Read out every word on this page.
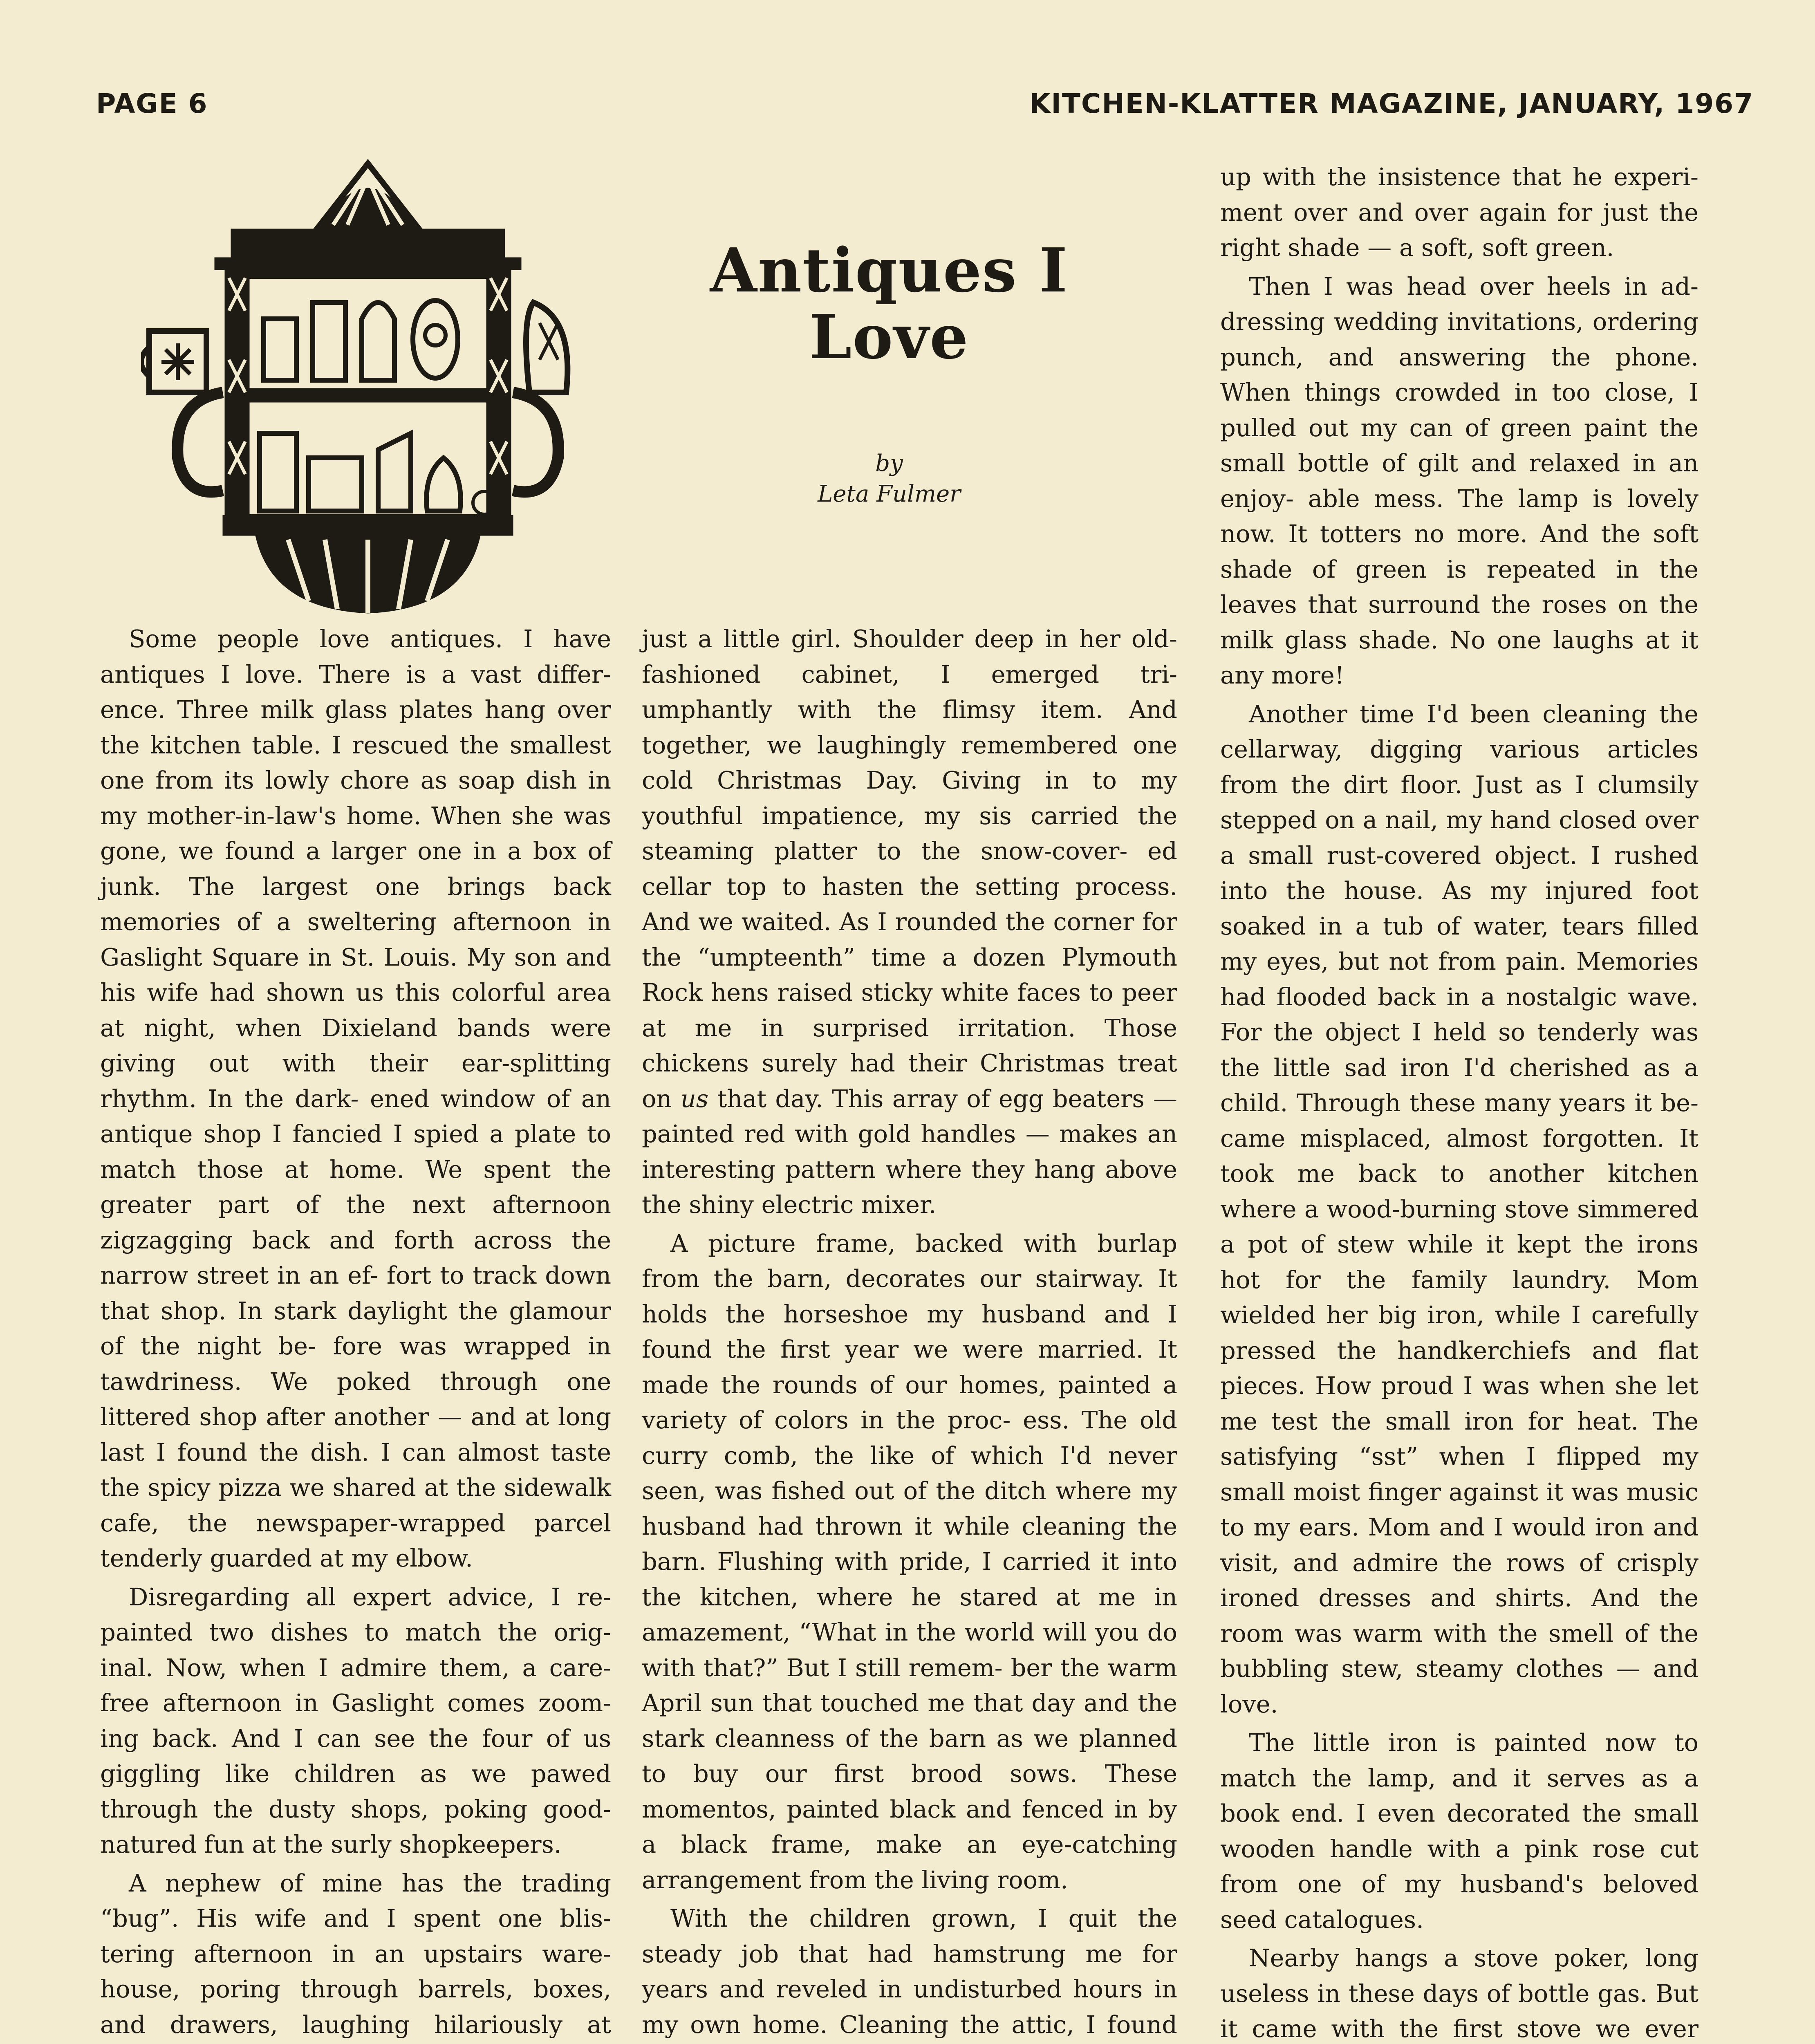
PAGE 6	KITCHEN-KLATTER MAGAZINE, JANUARY, 1967
Antiques I Love
by
Leta Fulmer

Some people love antiques. I have antiques I love. There is a vast differ- ence. Three milk glass plates hang over the kitchen table. I rescued the smallest one from its lowly chore as soap dish in my mother-in-law's home. When she was gone, we found a larger one in a box of junk. The largest one brings back memories of a sweltering afternoon in Gaslight Square in St. Louis. My son and his wife had shown us this colorful area at night, when Dixieland bands were giving out with their ear-splitting rhythm. In the dark- ened window of an antique shop I fancied I spied a plate to match those at home. We spent the greater part of the next afternoon zigzagging back and forth across the narrow street in an ef- fort to track down that shop. In stark daylight the glamour of the night be- fore was wrapped in tawdriness. We poked through one littered shop after another — and at long last I found the dish. I can almost taste the spicy pizza we shared at the sidewalk cafe, the newspaper-wrapped parcel tenderly guarded at my elbow.

Disregarding all expert advice, I re- painted two dishes to match the orig- inal. Now, when I admire them, a care- free afternoon in Gaslight comes zoom- ing back. And I can see the four of us giggling like children as we pawed through the dusty shops, poking good- natured fun at the surly shopkeepers.

A nephew of mine has the trading “bug”. His wife and I spent one blis- tering afternoon in an upstairs ware- house, poring through barrels, boxes, and drawers, laughing hilariously at

just a little girl. Shoulder deep in her old-fashioned cabinet, I emerged tri- umphantly with the flimsy item. And together, we laughingly remembered one cold Christmas Day. Giving in to my youthful impatience, my sis carried the steaming platter to the snow-cover- ed cellar top to hasten the setting process. And we waited. As I rounded the corner for the “umpteenth” time a dozen Plymouth Rock hens raised sticky white faces to peer at me in surprised irritation. Those chickens surely had their Christmas treat on us that day. This array of egg beaters — painted red with gold handles — makes an interesting pattern where they hang above the shiny electric mixer.

A picture frame, backed with burlap from the barn, decorates our stairway. It holds the horseshoe my husband and I found the first year we were married. It made the rounds of our homes, painted a variety of colors in the proc- ess. The old curry comb, the like of which I'd never seen, was fished out of the ditch where my husband had thrown it while cleaning the barn. Flushing with pride, I carried it into the kitchen, where he stared at me in amazement, “What in the world will you do with that?” But I still remem- ber the warm April sun that touched me that day and the stark cleanness of the barn as we planned to buy our first brood sows. These momentos, painted black and fenced in by a black frame, make an eye-catching arrangement from the living room.

With the children grown, I quit the steady job that had hamstrung me for years and reveled in undisturbed hours in my own home. Cleaning the attic, I found

up with the insistence that he experi- ment over and over again for just the right shade — a soft, soft green.

Then I was head over heels in ad- dressing wedding invitations, ordering punch, and answering the phone. When things crowded in too close, I pulled out my can of green paint the small bottle of gilt and relaxed in an enjoy- able mess. The lamp is lovely now. It totters no more. And the soft shade of green is repeated in the leaves that surround the roses on the milk glass shade. No one laughs at it any more!

Another time I'd been cleaning the cellarway, digging various articles from the dirt floor. Just as I clumsily stepped on a nail, my hand closed over a small rust-covered object. I rushed into the house. As my injured foot soaked in a tub of water, tears filled my eyes, but not from pain. Memories had flooded back in a nostalgic wave. For the object I held so tenderly was the little sad iron I'd cherished as a child. Through these many years it be- came misplaced, almost forgotten. It took me back to another kitchen where a wood-burning stove simmered a pot of stew while it kept the irons hot for the family laundry. Mom wielded her big iron, while I carefully pressed the handkerchiefs and flat pieces. How proud I was when she let me test the small iron for heat. The satisfying “sst” when I flipped my small moist finger against it was music to my ears. Mom and I would iron and visit, and admire the rows of crisply ironed dresses and shirts. And the room was warm with the smell of the bubbling stew, steamy clothes — and love.

The little iron is painted now to match the lamp, and it serves as a book end. I even decorated the small wooden handle with a pink rose cut from one of my husband's beloved seed catalogues.

Nearby hangs a stove poker, long useless in these days of bottle gas. But it came with the first stove we ever
